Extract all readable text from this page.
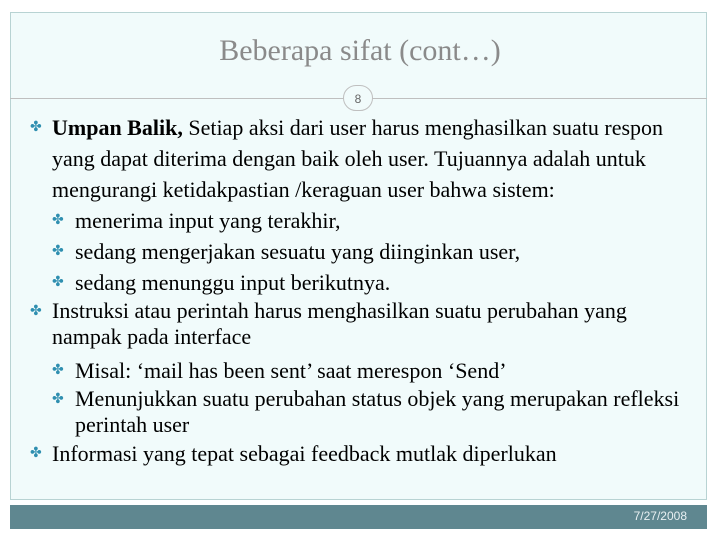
Beberapa sifat (cont…)
8
✤ Umpan Balik, Setiap aksi dari user harus menghasilkan suatu respon yang dapat diterima dengan baik oleh user. Tujuannya adalah untuk mengurangi ketidakpastian /keraguan user bahwa sistem:
✤ menerima input yang terakhir,
✤ sedang mengerjakan sesuatu yang diinginkan user,
✤ sedang menunggu input berikutnya.
✤ Instruksi atau perintah harus menghasilkan suatu perubahan yang nampak pada interface
✤ Misal: ‘mail has been sent’ saat merespon ‘Send’
✤ Menunjukkan suatu perubahan status objek yang merupakan refleksi perintah user
✤ Informasi yang tepat sebagai feedback mutlak diperlukan
7/27/2008
